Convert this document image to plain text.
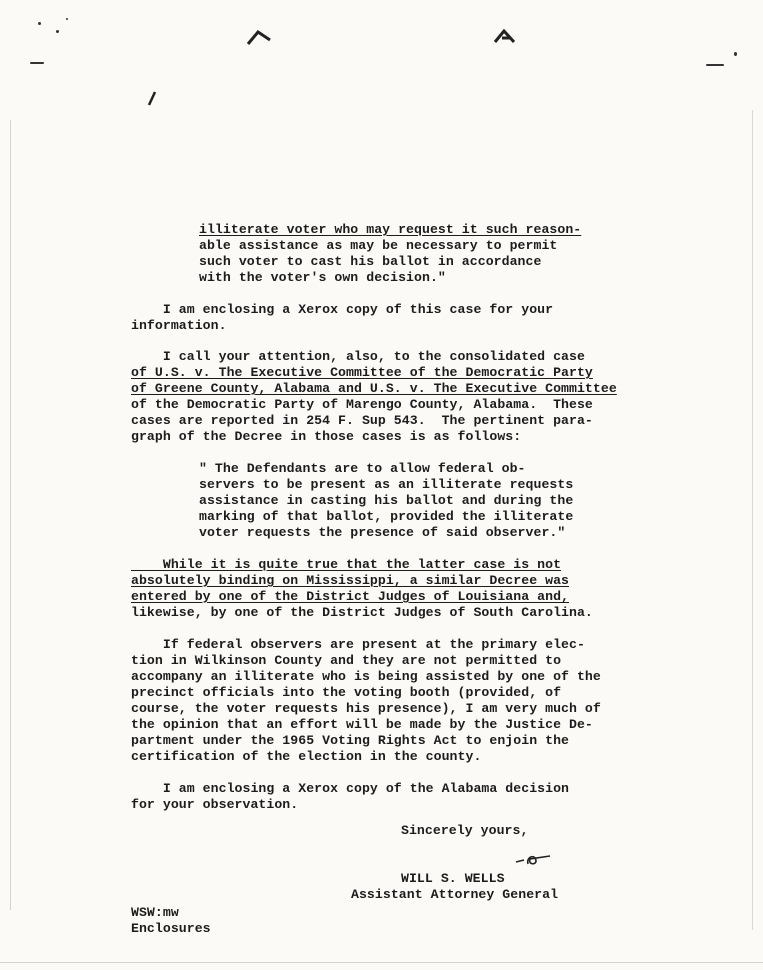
illiterate voter who may request it such reason-
able assistance as may be necessary to permit
such voter to cast his ballot in accordance
with the voter's own decision."
I am enclosing a Xerox copy of this case for your
information.
I call your attention, also, to the consolidated case
of U.S. v. The Executive Committee of the Democratic Party
of Greene County, Alabama and U.S. v. The Executive Committee
of the Democratic Party of Marengo County, Alabama.  These
cases are reported in 254 F. Sup 543.  The pertinent para-
graph of the Decree in those cases is as follows:
" The Defendants are to allow federal ob-
servers to be present as an illiterate requests
assistance in casting his ballot and during the
marking of that ballot, provided the illiterate
voter requests the presence of said observer."
While it is quite true that the latter case is not
absolutely binding on Mississippi, a similar Decree was
entered by one of the District Judges of Louisiana and,
likewise, by one of the District Judges of South Carolina.
If federal observers are present at the primary elec-
tion in Wilkinson County and they are not permitted to
accompany an illiterate who is being assisted by one of the
precinct officials into the voting booth (provided, of
course, the voter requests his presence), I am very much of
the opinion that an effort will be made by the Justice De-
partment under the 1965 Voting Rights Act to enjoin the
certification of the election in the county.
I am enclosing a Xerox copy of the Alabama decision
for your observation.
Sincerely yours,
WILL S. WELLS
Assistant Attorney General
WSW:mw
Enclosures
